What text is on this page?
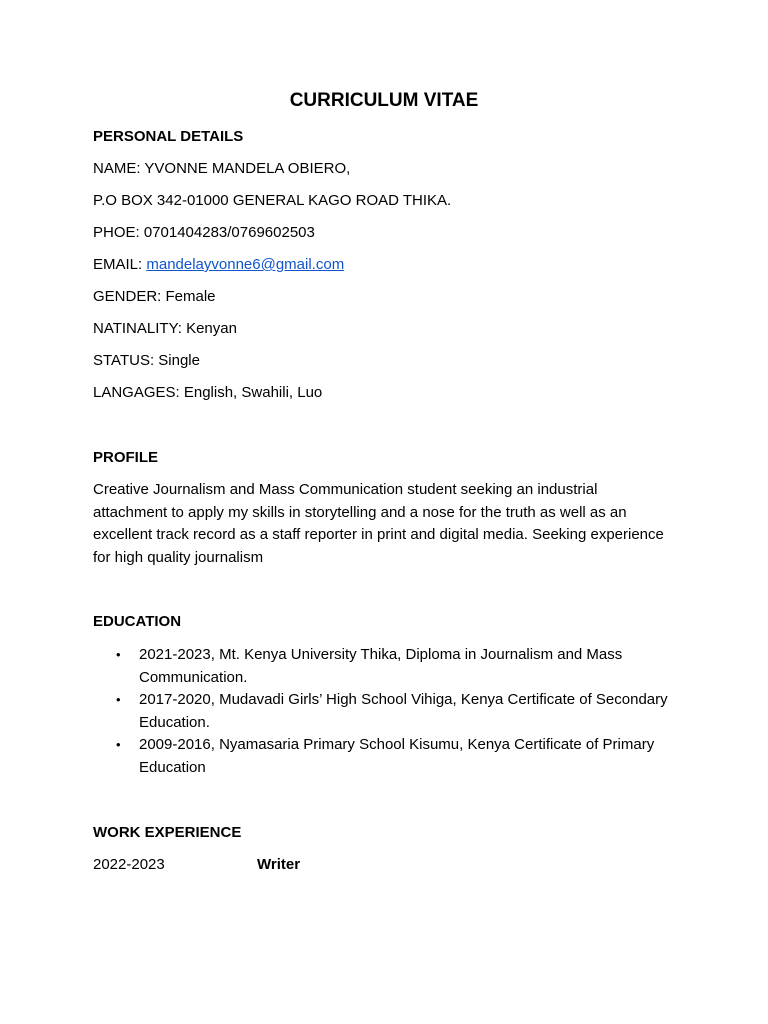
CURRICULUM VITAE
PERSONAL DETAILS
NAME: YVONNE MANDELA OBIERO,
P.O BOX 342-01000 GENERAL KAGO ROAD THIKA.
PHOE: 0701404283/0769602503
EMAIL: mandelayvonne6@gmail.com
GENDER: Female
NATINALITY: Kenyan
STATUS: Single
LANGAGES: English, Swahili, Luo
PROFILE
Creative Journalism and Mass Communication student seeking an industrial attachment to apply my skills in storytelling and a nose for the truth as well as an excellent track record as a staff reporter in print and digital media. Seeking experience for high quality journalism
EDUCATION
• 2021-2023, Mt. Kenya University Thika, Diploma in Journalism and Mass Communication.
• 2017-2020, Mudavadi Girls’ High School Vihiga, Kenya Certificate of Secondary Education.
• 2009-2016, Nyamasaria Primary School Kisumu, Kenya Certificate of Primary Education
WORK EXPERIENCE
2022-2023	Writer
